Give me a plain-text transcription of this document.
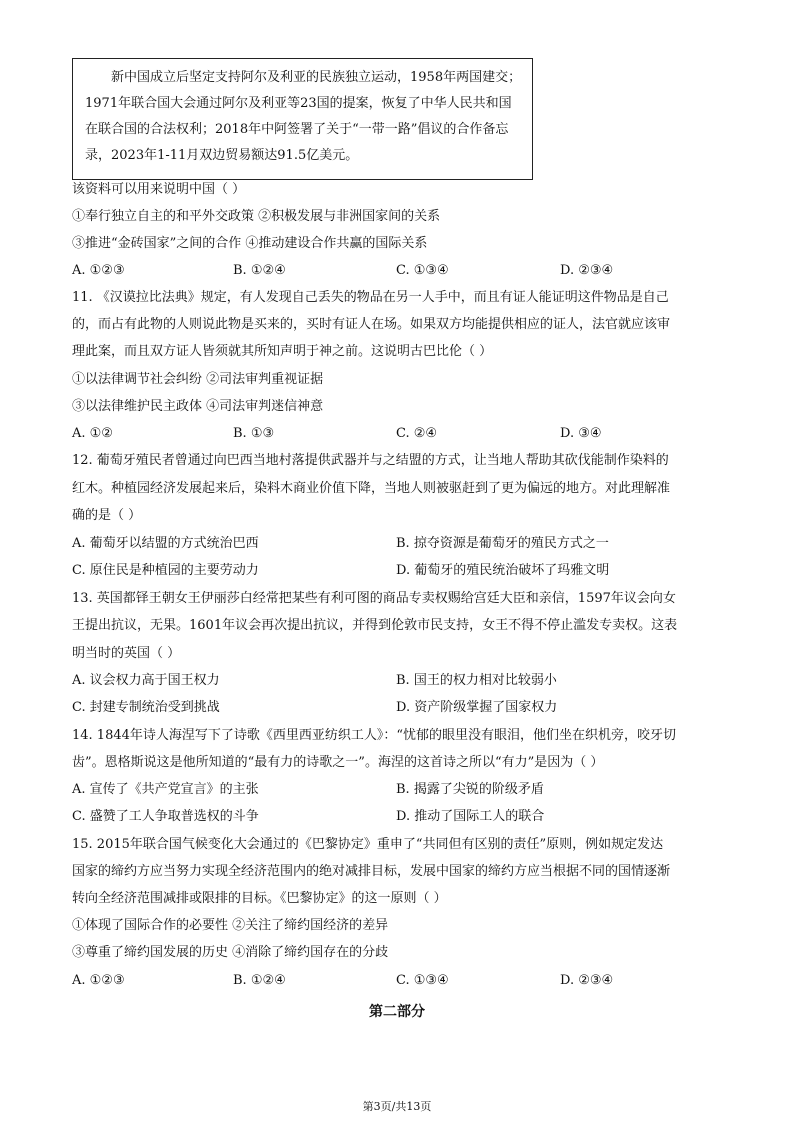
新中国成立后坚定支持阿尔及利亚的民族独立运动，1958年两国建交；1971年联合国大会通过阿尔及利亚等23国的提案，恢复了中华人民共和国在联合国的合法权利；2018年中阿签署了关于“一带一路”倡议的合作备忘录，2023年1-11月双边贸易额达91.5亿美元。

该资料可以用来说明中国（ ）
①奉行独立自主的和平外交政策 ②积极发展与非洲国家间的关系
③推进“金砖国家”之间的合作 ④推动建设合作共赢的国际关系
A. ①②③	B. ①②④	C. ①③④	D. ②③④
11. 《汉谟拉比法典》规定，有人发现自己丢失的物品在另一人手中，而且有证人能证明这件物品是自己
的，而占有此物的人则说此物是买来的，买时有证人在场。如果双方均能提供相应的证人，法官就应该审
理此案，而且双方证人皆须就其所知声明于神之前。这说明古巴比伦（ ）
①以法律调节社会纠纷 ②司法审判重视证据
③以法律维护民主政体 ④司法审判迷信神意
A. ①②	B. ①③	C. ②④	D. ③④
12. 葡萄牙殖民者曾通过向巴西当地村落提供武器并与之结盟的方式，让当地人帮助其砍伐能制作染料的
红木。种植园经济发展起来后，染料木商业价值下降，当地人则被驱赶到了更为偏远的地方。对此理解准
确的是（ ）
A. 葡萄牙以结盟的方式统治巴西	B. 掠夺资源是葡萄牙的殖民方式之一
C. 原住民是种植园的主要劳动力	D. 葡萄牙的殖民统治破坏了玛雅文明
13. 英国都铎王朝女王伊丽莎白经常把某些有利可图的商品专卖权赐给宫廷大臣和亲信，1597年议会向女
王提出抗议，无果。1601年议会再次提出抗议，并得到伦敦市民支持，女王不得不停止滥发专卖权。这表
明当时的英国（ ）
A. 议会权力高于国王权力	B. 国王的权力相对比较弱小
C. 封建专制统治受到挑战	D. 资产阶级掌握了国家权力
14. 1844年诗人海涅写下了诗歌《西里西亚纺织工人》：“忧郁的眼里没有眼泪，他们坐在织机旁，咬牙切
齿”。恩格斯说这是他所知道的“最有力的诗歌之一”。海涅的这首诗之所以“有力”是因为（ ）
A. 宣传了《共产党宣言》的主张	B. 揭露了尖锐的阶级矛盾
C. 盛赞了工人争取普选权的斗争	D. 推动了国际工人的联合
15. 2015年联合国气候变化大会通过的《巴黎协定》重申了“共同但有区别的责任”原则，例如规定发达
国家的缔约方应当努力实现全经济范围内的绝对减排目标，发展中国家的缔约方应当根据不同的国情逐渐
转向全经济范围减排或限排的目标。《巴黎协定》的这一原则（ ）
①体现了国际合作的必要性 ②关注了缔约国经济的差异
③尊重了缔约国发展的历史 ④消除了缔约国存在的分歧
A. ①②③	B. ①②④	C. ①③④	D. ②③④
第二部分
第3页/共13页
